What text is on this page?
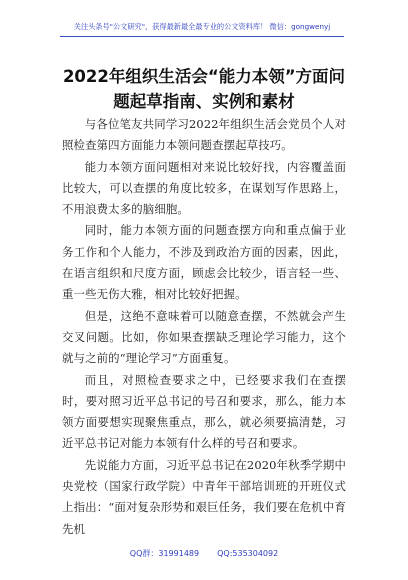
关注头条号"公文研究"，获得最新最全最专业的公文资料库！ 微信：gongwenyj
2022年组织生活会“能力本领”方面问题起草指南、实例和素材

与各位笔友共同学习2022年组织生活会党员个人对照检查第四方面能力本领问题查摆起草技巧。

能力本领方面问题相对来说比较好找，内容覆盖面比较大，可以查摆的角度比较多，在谋划写作思路上，不用浪费太多的脑细胞。

同时，能力本领方面的问题查摆方向和重点偏于业务工作和个人能力，不涉及到政治方面的因素，因此，在语言组织和尺度方面，顾虑会比较少，语言轻一些、重一些无伤大雅，相对比较好把握。

但是，这绝不意味着可以随意查摆，不然就会产生交叉问题。比如，你如果查摆缺乏理论学习能力，这个就与之前的“理论学习”方面重复。

而且，对照检查要求之中，已经要求我们在查摆时，要对照习近平总书记的号召和要求，那么，能力本领方面要想实现聚焦重点，那么，就必须要搞清楚，习近平总书记对能力本领有什么样的号召和要求。

先说能力方面，习近平总书记在2020年秋季学期中央党校（国家行政学院）中青年干部培训班的开班仪式上指出：“面对复杂形势和艰巨任务，我们要在危机中育先机

QQ群：31991489 QQ:535304092
